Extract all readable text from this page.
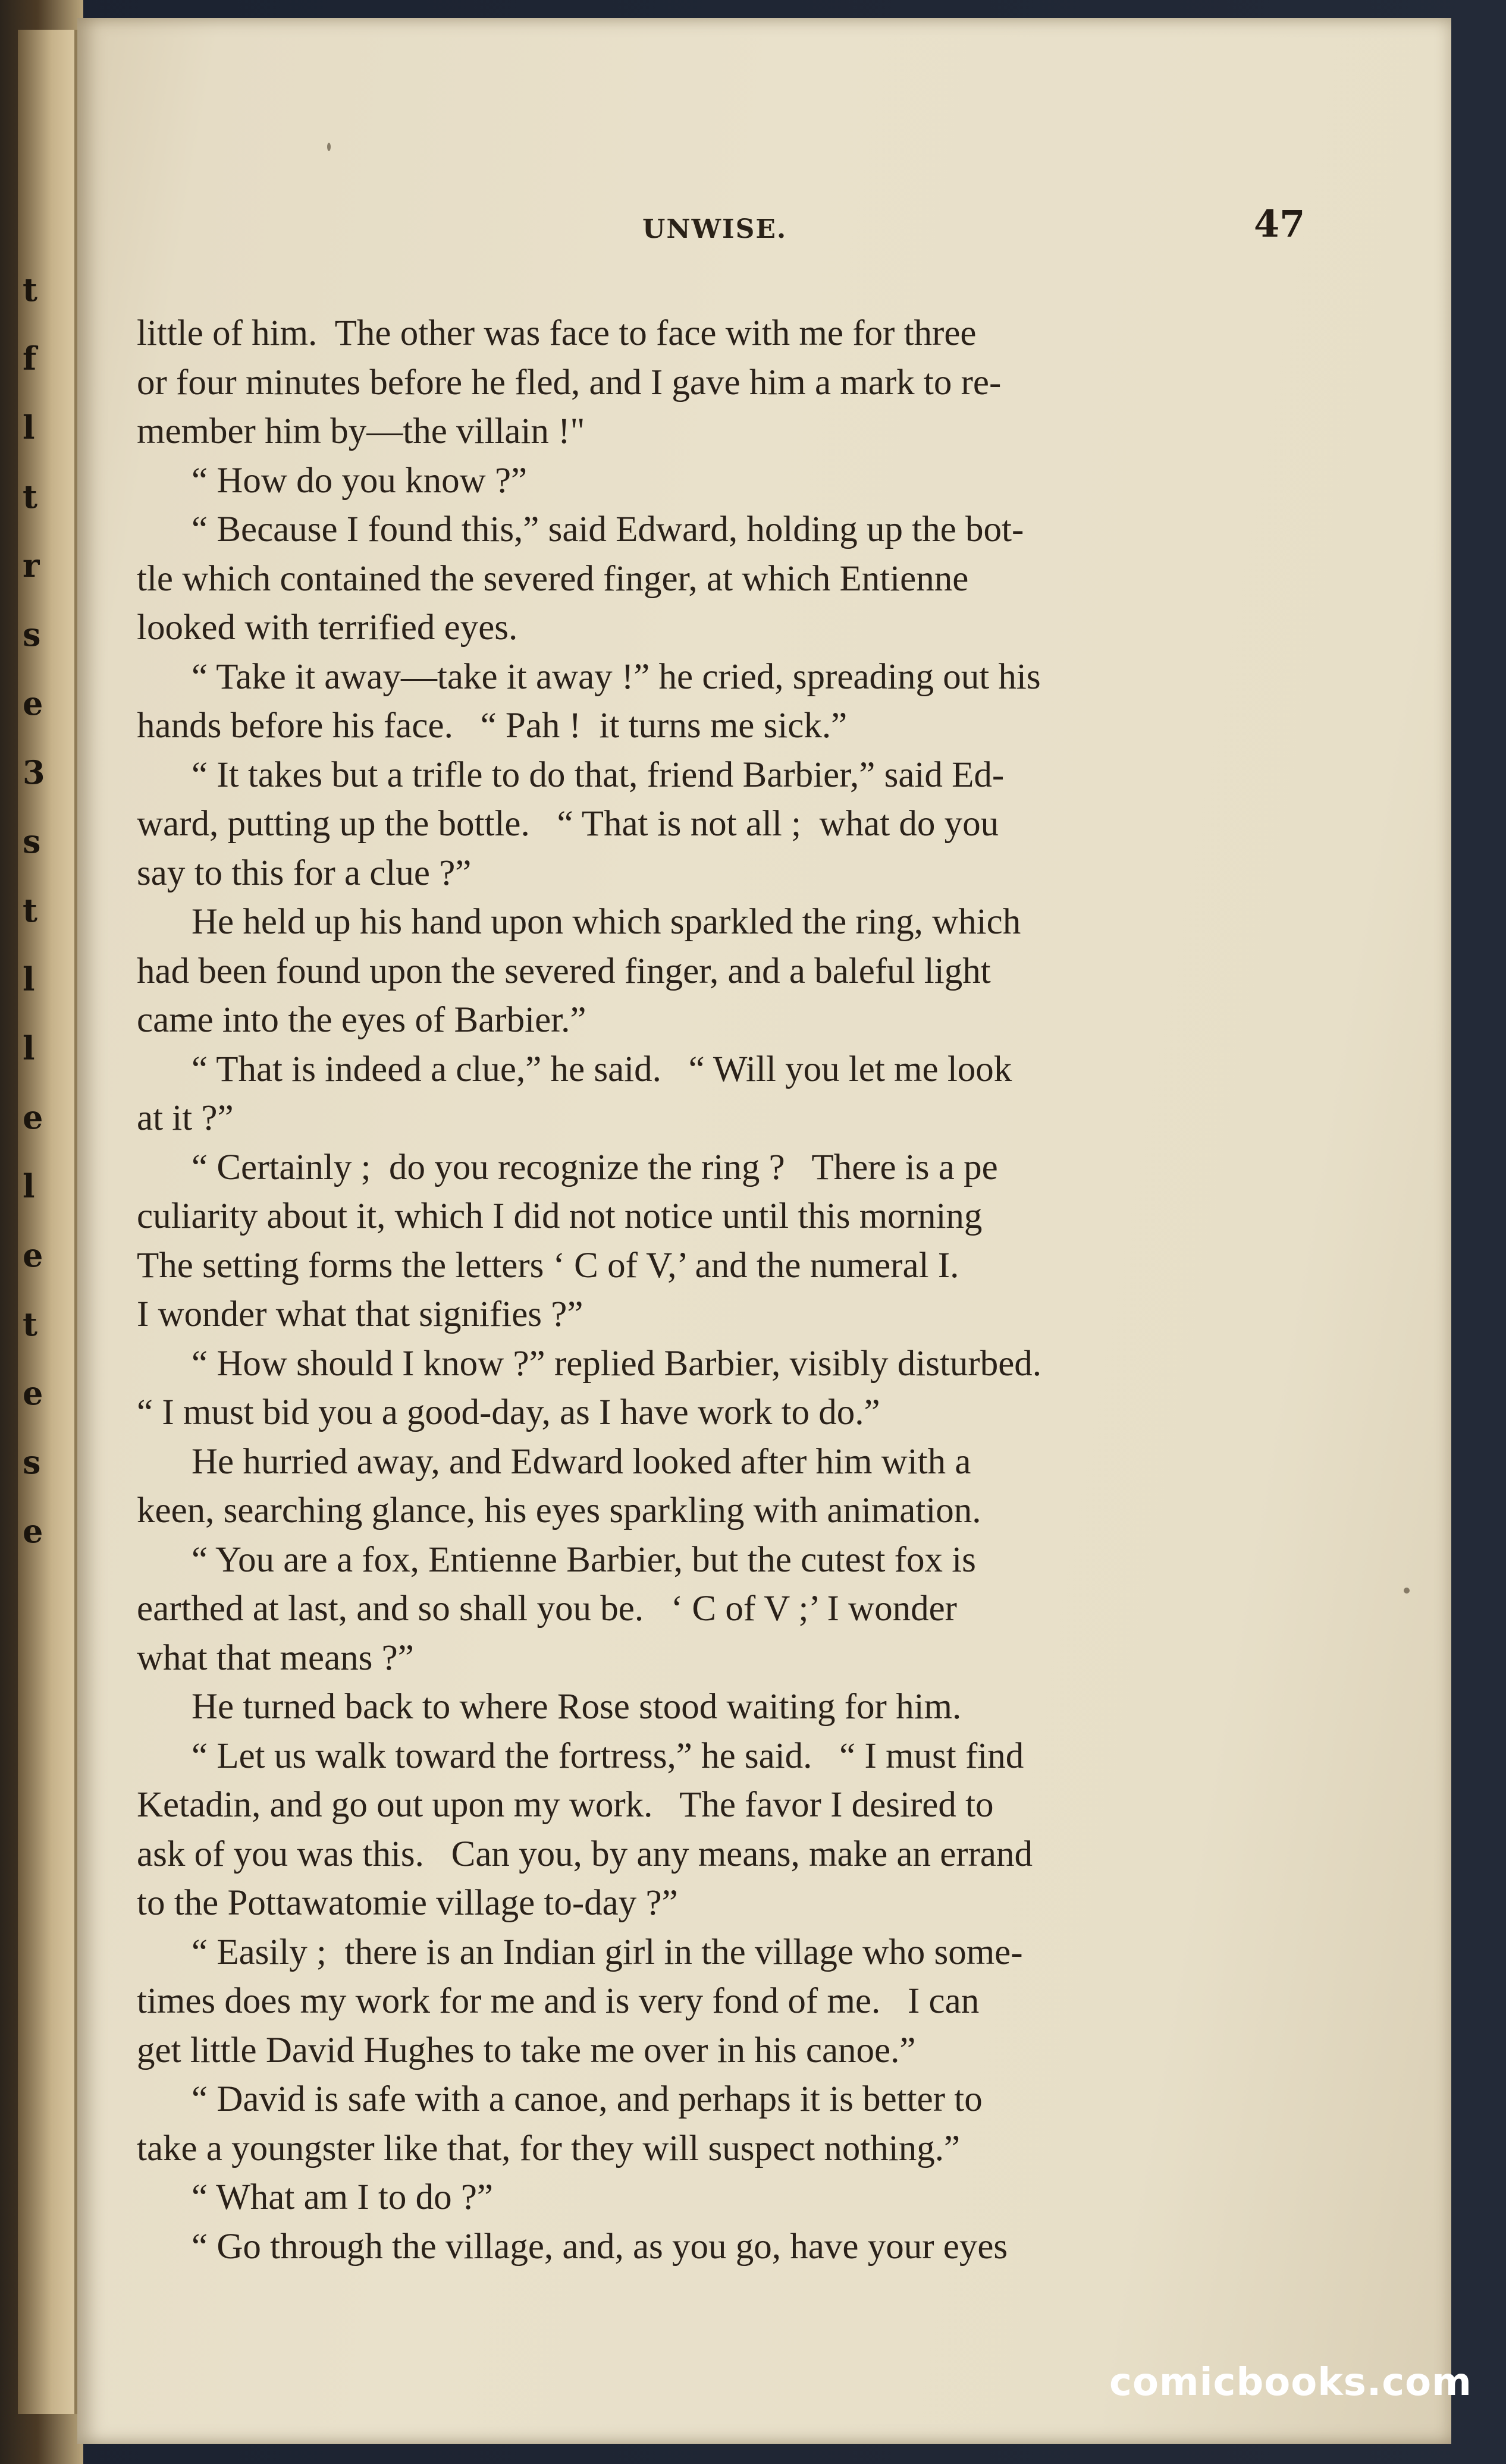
t
f
l
t
r
s
e
3
s
t
l
l
e
l
e
t
e
s
e
UNWISE.	47
little of him.  The other was face to face with me for three
or four minutes before he fled, and I gave him a mark to re-
member him by—the villain !"
“ How do you know ?”
“ Because I found this,” said Edward, holding up the bot-
tle which contained the severed finger, at which Entienne
looked with terrified eyes.
“ Take it away—take it away !” he cried, spreading out his
hands before his face.   “ Pah !  it turns me sick.”
“ It takes but a trifle to do that, friend Barbier,” said Ed-
ward, putting up the bottle.   “ That is not all ;  what do you
say to this for a clue ?”
He held up his hand upon which sparkled the ring, which
had been found upon the severed finger, and a baleful light
came into the eyes of Barbier.”
“ That is indeed a clue,” he said.   “ Will you let me look
at it ?”
“ Certainly ;  do you recognize the ring ?   There is a pe
culiarity about it, which I did not notice until this morning
The setting forms the letters ‘ C of V,’ and the numeral I.
I wonder what that signifies ?”
“ How should I know ?” replied Barbier, visibly disturbed.
“ I must bid you a good-day, as I have work to do.”
He hurried away, and Edward looked after him with a
keen, searching glance, his eyes sparkling with animation.
“ You are a fox, Entienne Barbier, but the cutest fox is
earthed at last, and so shall you be.   ‘ C of V ;’ I wonder
what that means ?”
He turned back to where Rose stood waiting for him.
“ Let us walk toward the fortress,” he said.   “ I must find
Ketadin, and go out upon my work.   The favor I desired to
ask of you was this.   Can you, by any means, make an errand
to the Pottawatomie village to-day ?”
“ Easily ;  there is an Indian girl in the village who some-
times does my work for me and is very fond of me.   I can
get little David Hughes to take me over in his canoe.”
“ David is safe with a canoe, and perhaps it is better to
take a youngster like that, for they will suspect nothing.”
“ What am I to do ?”
“ Go through the village, and, as you go, have your eyes
comicbooks.com
